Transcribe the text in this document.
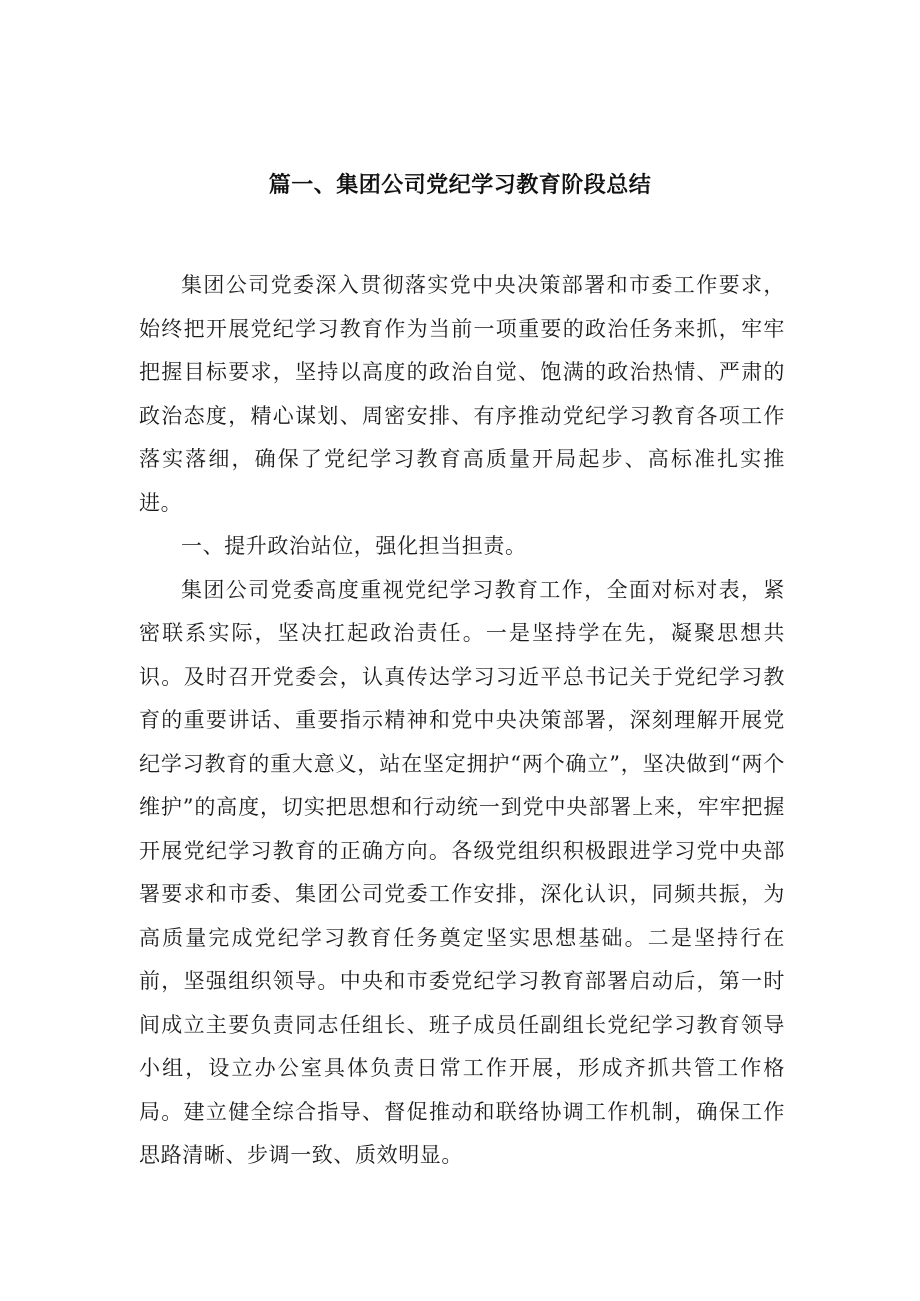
篇一、集团公司党纪学习教育阶段总结

集团公司党委深入贯彻落实党中央决策部署和市委工作要求，始终把开展党纪学习教育作为当前一项重要的政治任务来抓，牢牢把握目标要求，坚持以高度的政治自觉、饱满的政治热情、严肃的政治态度，精心谋划、周密安排、有序推动党纪学习教育各项工作落实落细，确保了党纪学习教育高质量开局起步、高标准扎实推进。

一、提升政治站位，强化担当担责。

集团公司党委高度重视党纪学习教育工作，全面对标对表，紧密联系实际，坚决扛起政治责任。一是坚持学在先，凝聚思想共识。及时召开党委会，认真传达学习习近平总书记关于党纪学习教育的重要讲话、重要指示精神和党中央决策部署，深刻理解开展党纪学习教育的重大意义，站在坚定拥护“两个确立”，坚决做到“两个维护”的高度，切实把思想和行动统一到党中央部署上来，牢牢把握开展党纪学习教育的正确方向。各级党组织积极跟进学习党中央部署要求和市委、集团公司党委工作安排，深化认识，同频共振，为高质量完成党纪学习教育任务奠定坚实思想基础。二是坚持行在前，坚强组织领导。中央和市委党纪学习教育部署启动后，第一时间成立主要负责同志任组长、班子成员任副组长党纪学习教育领导小组，设立办公室具体负责日常工作开展，形成齐抓共管工作格局。建立健全综合指导、督促推动和联络协调工作机制，确保工作思路清晰、步调一致、质效明显。
